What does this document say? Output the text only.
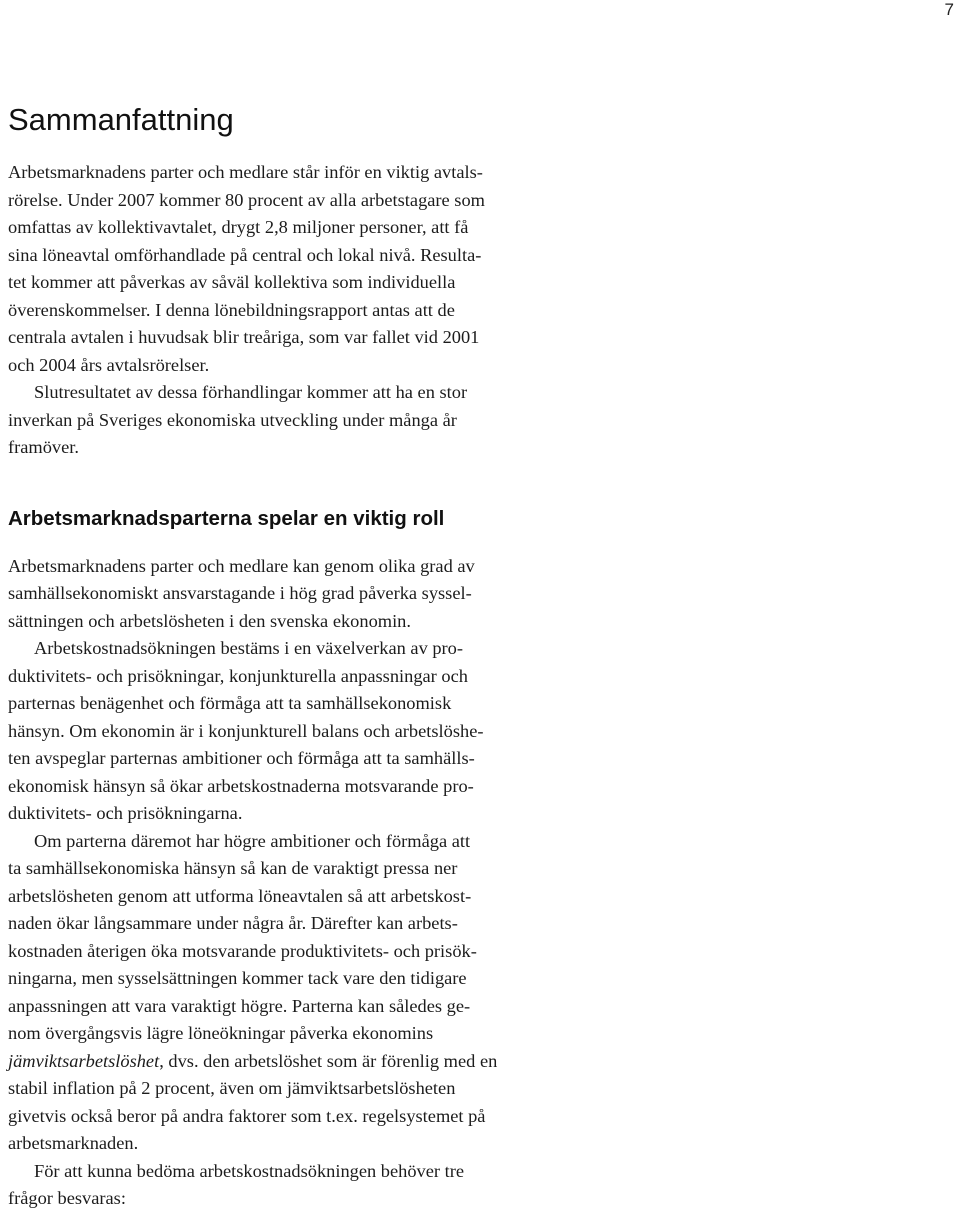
7
Sammanfattning

Arbetsmarknadens parter och medlare står inför en viktig avtals-
rörelse. Under 2007 kommer 80 procent av alla arbetstagare som
omfattas av kollektivavtalet, drygt 2,8 miljoner personer, att få
sina löneavtal omförhandlade på central och lokal nivå. Resulta-
tet kommer att påverkas av såväl kollektiva som individuella
överenskommelser. I denna lönebildningsrapport antas att de
centrala avtalen i huvudsak blir treåriga, som var fallet vid 2001
och 2004 års avtalsrörelser.

Slutresultatet av dessa förhandlingar kommer att ha en stor
inverkan på Sveriges ekonomiska utveckling under många år
framöver.

Arbetsmarknadsparterna spelar en viktig roll

Arbetsmarknadens parter och medlare kan genom olika grad av
samhällsekonomiskt ansvarstagande i hög grad påverka syssel-
sättningen och arbetslösheten i den svenska ekonomin.

Arbetskostnadsökningen bestäms i en växelverkan av pro-
duktivitets- och prisökningar, konjunkturella anpassningar och
parternas benägenhet och förmåga att ta samhällsekonomisk
hänsyn. Om ekonomin är i konjunkturell balans och arbetslöshe-
ten avspeglar parternas ambitioner och förmåga att ta samhälls-
ekonomisk hänsyn så ökar arbetskostnaderna motsvarande pro-
duktivitets- och prisökningarna.

Om parterna däremot har högre ambitioner och förmåga att
ta samhällsekonomiska hänsyn så kan de varaktigt pressa ner
arbetslösheten genom att utforma löneavtalen så att arbetskost-
naden ökar långsammare under några år. Därefter kan arbets-
kostnaden återigen öka motsvarande produktivitets- och prisök-
ningarna, men sysselsättningen kommer tack vare den tidigare
anpassningen att vara varaktigt högre. Parterna kan således ge-
nom övergångsvis lägre löneökningar påverka ekonomins
jämviktsarbetslöshet, dvs. den arbetslöshet som är förenlig med en
stabil inflation på 2 procent, även om jämviktsarbetslösheten
givetvis också beror på andra faktorer som t.ex. regelsystemet på
arbetsmarknaden.

För att kunna bedöma arbetskostnadsökningen behöver tre
frågor besvaras:
